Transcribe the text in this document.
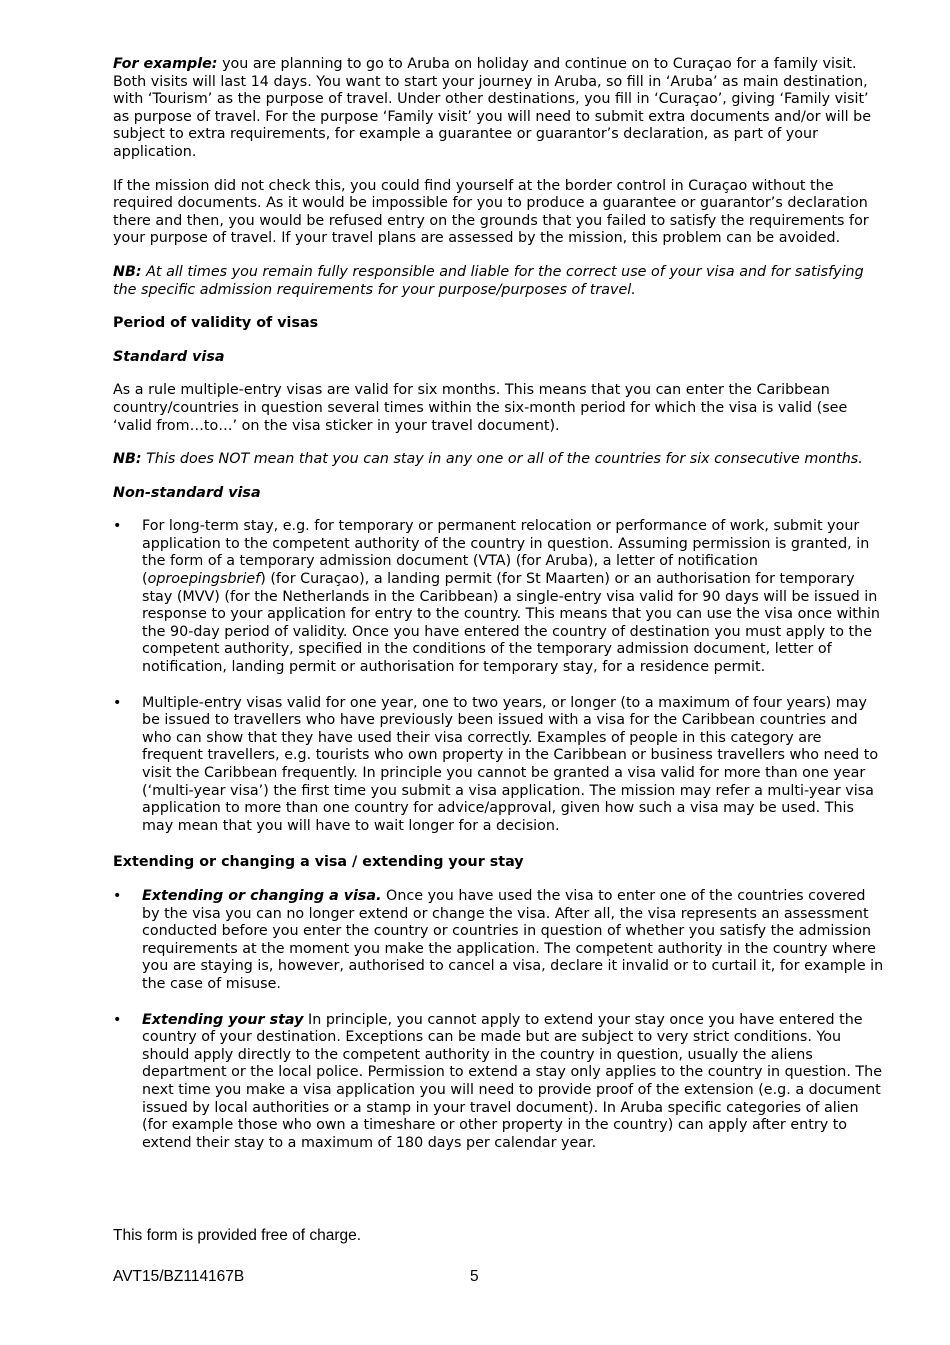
For example: you are planning to go to Aruba on holiday and continue on to Curaçao for a family visit. Both visits will last 14 days. You want to start your journey in Aruba, so fill in ‘Aruba’ as main destination, with ‘Tourism’ as the purpose of travel. Under other destinations, you fill in ‘Curaçao’, giving ‘Family visit’ as purpose of travel. For the purpose ‘Family visit’ you will need to submit extra documents and/or will be subject to extra requirements, for example a guarantee or guarantor’s declaration, as part of your application.

If the mission did not check this, you could find yourself at the border control in Curaçao without the required documents. As it would be impossible for you to produce a guarantee or guarantor’s declaration there and then, you would be refused entry on the grounds that you failed to satisfy the requirements for your purpose of travel. If your travel plans are assessed by the mission, this problem can be avoided.

NB: At all times you remain fully responsible and liable for the correct use of your visa and for satisfying the specific admission requirements for your purpose/purposes of travel.

Period of validity of visas

Standard visa

As a rule multiple-entry visas are valid for six months. This means that you can enter the Caribbean country/countries in question several times within the six-month period for which the visa is valid (see ‘valid from…to…’ on the visa sticker in your travel document).

NB: This does NOT mean that you can stay in any one or all of the countries for six consecutive months.

Non-standard visa

• For long-term stay, e.g. for temporary or permanent relocation or performance of work, submit your application to the competent authority of the country in question. Assuming permission is granted, in the form of a temporary admission document (VTA) (for Aruba), a letter of notification (oproepingsbrief) (for Curaçao), a landing permit (for St Maarten) or an authorisation for temporary stay (MVV) (for the Netherlands in the Caribbean) a single-entry visa valid for 90 days will be issued in response to your application for entry to the country. This means that you can use the visa once within the 90-day period of validity. Once you have entered the country of destination you must apply to the competent authority, specified in the conditions of the temporary admission document, letter of notification, landing permit or authorisation for temporary stay, for a residence permit.
• Multiple-entry visas valid for one year, one to two years, or longer (to a maximum of four years) may be issued to travellers who have previously been issued with a visa for the Caribbean countries and who can show that they have used their visa correctly. Examples of people in this category are frequent travellers, e.g. tourists who own property in the Caribbean or business travellers who need to visit the Caribbean frequently. In principle you cannot be granted a visa valid for more than one year (‘multi-year visa’) the first time you submit a visa application. The mission may refer a multi-year visa application to more than one country for advice/approval, given how such a visa may be used. This may mean that you will have to wait longer for a decision.

Extending or changing a visa / extending your stay

• Extending or changing a visa. Once you have used the visa to enter one of the countries covered by the visa you can no longer extend or change the visa. After all, the visa represents an assessment conducted before you enter the country or countries in question of whether you satisfy the admission requirements at the moment you make the application. The competent authority in the country where you are staying is, however, authorised to cancel a visa, declare it invalid or to curtail it, for example in the case of misuse.
• Extending your stay In principle, you cannot apply to extend your stay once you have entered the country of your destination. Exceptions can be made but are subject to very strict conditions. You should apply directly to the competent authority in the country in question, usually the aliens department or the local police. Permission to extend a stay only applies to the country in question. The next time you make a visa application you will need to provide proof of the extension (e.g. a document issued by local authorities or a stamp in your travel document). In Aruba specific categories of alien (for example those who own a timeshare or other property in the country) can apply after entry to extend their stay to a maximum of 180 days per calendar year.
This form is provided free of charge.
AVT15/BZ114167B	5
